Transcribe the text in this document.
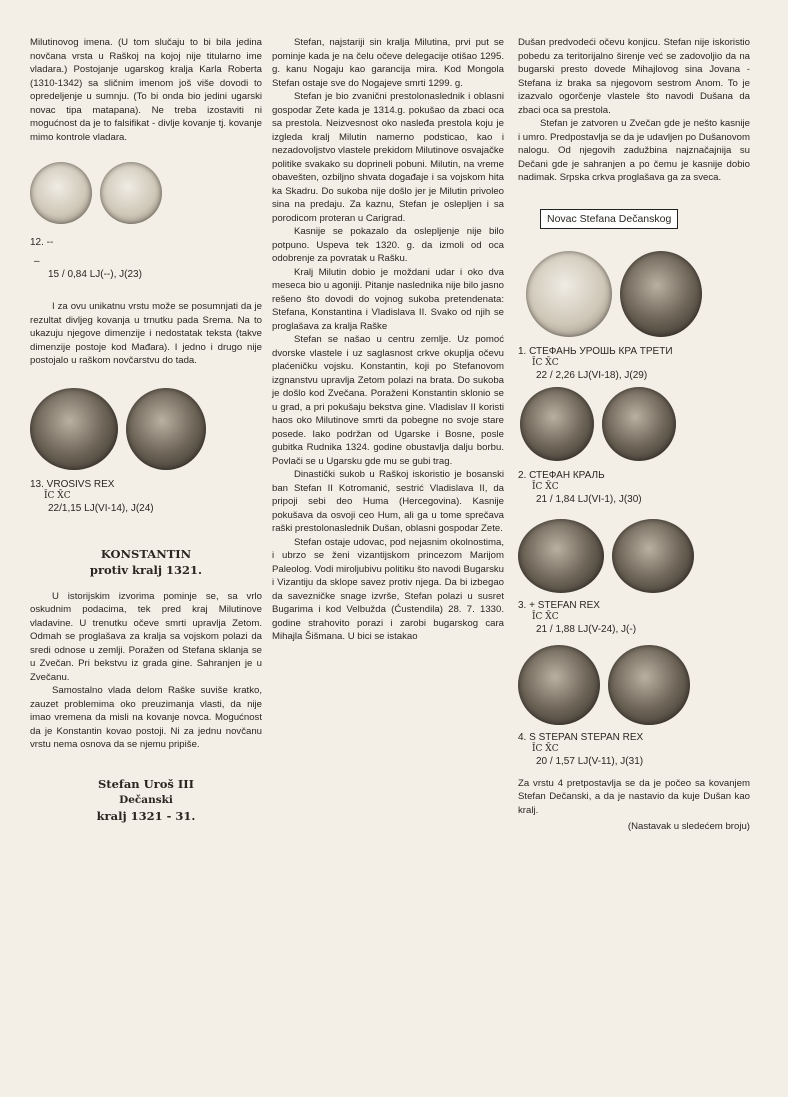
Milutinovog imena. (U tom slučaju to bi bila jedina novčana vrsta u Raškoj na kojoj nije titularno ime vladara.) Postojanje ugarskog kralja Karla Roberta (1310-1342) sa sličnim imenom još više dovodi to opredeljenje u sumnju. (To bi onda bio jedini ugarski novac tipa matapana). Ne treba izostaviti ni mogućnost da je to falsifikat - divlje kovanje tj. kovanje mimo kontrole vladara.

12. --
–
15 / 0,84 LJ(--), J(23)

I za ovu unikatnu vrstu može se posumnjati da je rezultat divljeg kovanja u trnutku pada Srema. Na to ukazuju njegove dimenzije i nedostatak teksta (takve dimenzije postoje kod Mađara). I jedno i drugo nije postojalo u raškom novčarstvu do tada.

13. VROSIVS REX
ĪC X̄C
22/1,15 LJ(VI-14), J(24)
KONSTANTIN
protiv kralj 1321.

U istorijskim izvorima pominje se, sa vrlo oskudnim podacima, tek pred kraj Milutinove vladavine. U trenutku očeve smrti upravlja Zetom. Odmah se proglašava za kralja sa vojskom polazi da sredi odnose u zemlji. Poražen od Stefana sklanja se u Zvečan. Pri bekstvu iz grada gine. Sahranjen je u Zvečanu.

Samostalno vlada delom Raške suviše kratko, zauzet problemima oko preuzimanja vlasti, da nije imao vremena da misli na kovanje novca. Mogućnost da je Konstantin kovao postoji. Ni za jednu novčanu vrstu nema osnova da se njemu pripiše.

Stefan Uroš III
Dečanski
kralj 1321 - 31.

Stefan, najstariji sin kralja Milutina, prvi put se pominje kada je na čelu očeve delegacije otišao 1295. g. kanu Nogaju kao garancija mira. Kod Mongola Stefan ostaje sve do Nogajeve smrti 1299. g.

Stefan je bio zvanični prestolonaslednik i oblasni gospodar Zete kada je 1314.g. pokušao da zbaci oca sa prestola. Neizvesnost oko nasleđa prestola koju je izgleda kralj Milutin namerno podsticao, kao i nezadovoljstvo vlastele prekidom Milutinove osvajačke politike svakako su doprineli pobuni. Milutin, na vreme obavešten, ozbiljno shvata događaje i sa vojskom hita ka Skadru. Do sukoba nije došlo jer je Milutin privoleo sina na predaju. Za kaznu, Stefan je oslepljen i sa porodicom proteran u Carigrad.

Kasnije se pokazalo da oslepljenje nije bilo potpuno. Uspeva tek 1320. g. da izmoli od oca odobrenje za povratak u Rašku.

Kralj Milutin dobio je moždani udar i oko dva meseca bio u agoniji. Pitanje naslednika nije bilo jasno rešeno što dovodi do vojnog sukoba pretendenata: Stefana, Konstantina i Vladislava II. Svako od njih se proglašava za kralja Raške

Stefan se našao u centru zemlje. Uz pomoć dvorske vlastele i uz saglasnost crkve okuplja očevu plaćeničku vojsku. Konstantin, koji po Stefanovom izgnanstvu upravlja Zetom polazi na brata. Do sukoba je došlo kod Zvečana. Poraženi Konstantin sklonio se u grad, a pri pokušaju bekstva gine. Vladislav II koristi haos oko Milutinove smrti da pobegne no svoje stare posede. Iako podržan od Ugarske i Bosne, posle gubitka Rudnika 1324. godine obustavlja dalju borbu. Povlači se u Ugarsku gde mu se gubi trag.

Dinastički sukob u Raškoj iskoristio je bosanski ban Stefan II Kotromanić, sestrić Vladislava II, da pripoji sebi deo Huma (Hercegovina). Kasnije pokušava da osvoji ceo Hum, ali ga u tome sprečava raški prestolonaslednik Dušan, oblasni gospodar Zete.

Stefan ostaje udovac, pod nejasnim okolnostima, i ubrzo se ženi vizantijskom princezom Marijom Paleolog. Vodi miroljubivu politiku što navodi Bugarsku i Vizantiju da sklope savez protiv njega. Da bi izbegao da savezničke snage izvrše, Stefan polazi u susret Bugarima i kod Velbužda (Ćustendila) 28. 7. 1330. godine strahovito porazi i zarobi bugarskog cara Mihajla Šišmana. U bici se istakao

Dušan predvodeći očevu konjicu. Stefan nije iskoristio pobedu za teritorijalno širenje već se zadovoljio da na bugarski presto dovede Mihajlovog sina Jovana - Stefana iz braka sa njegovom sestrom Anom. To je izazvalo ogorčenje vlastele što navodi Dušana da zbaci oca sa prestola.

Stefan je zatvoren u Zvečan gde je nešto kasnije i umro. Predpostavlja se da je udavljen po Dušanovom nalogu. Od njegovih zadužbina najznačajnija su Dečani gde je sahranjen a po čemu je kasnije dobio nadimak. Srpska crkva proglašava ga za sveca.

Novac Stefana Dečanskog
1. СТЕФАНЬ УРОШЬ КРА ТРЕТИ
ĪC X̄C
22 / 2,26 LJ(VI-18), J(29)
2. СТЕФАН КРАЛЬ
ĪC X̄C
21 / 1,84 LJ(VI-1), J(30)
3. + STEFAN REX
ĪC X̄C
21 / 1,88 LJ(V-24), J(-)
4. S STEPAN STEPAN REX
ĪC X̄C
20 / 1,57 LJ(V-11), J(31)

Za vrstu 4 pretpostavlja se da je počeo sa kovanjem Stefan Dečanski, a da je nastavio da kuje Dušan kao kralj.

(Nastavak u sledećem broju)
